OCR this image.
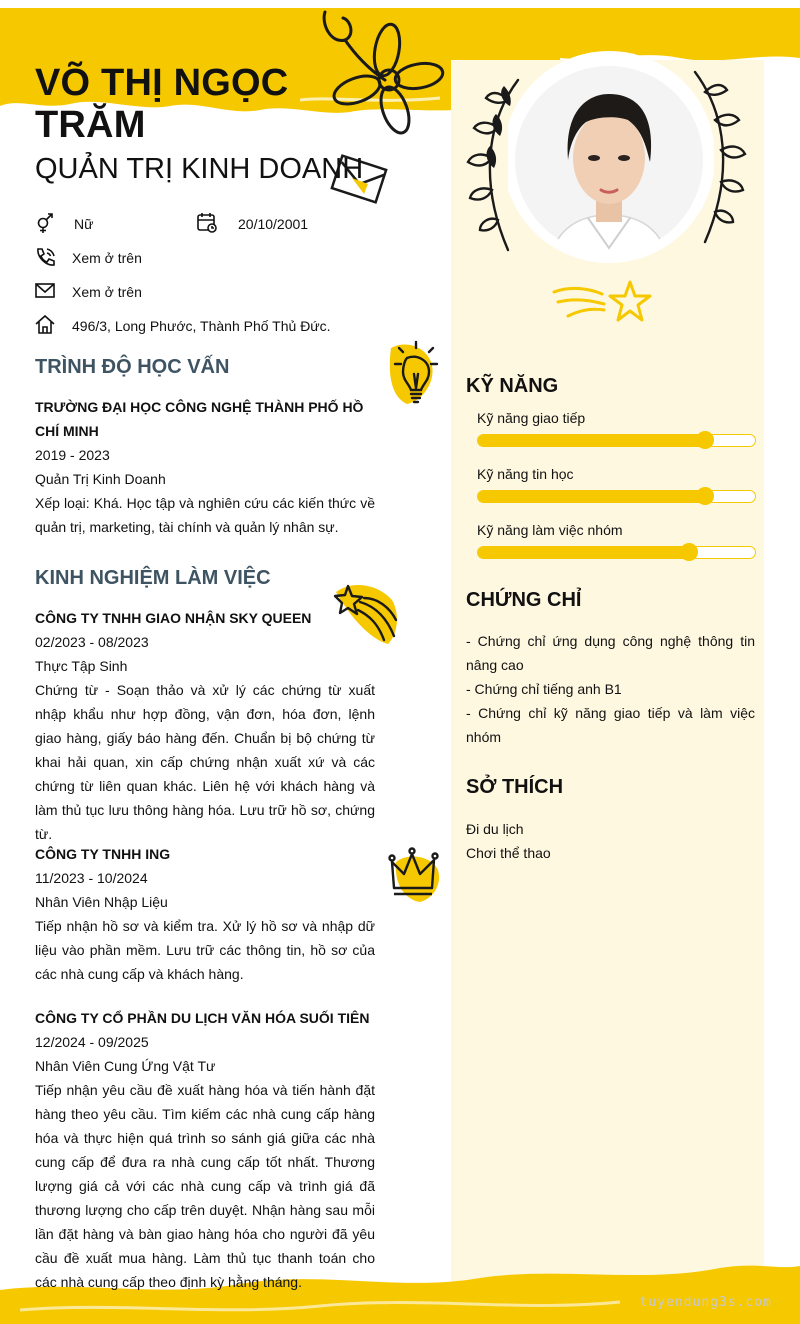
VÕ THỊ NGỌC TRĂM
QUẢN TRỊ KINH DOANH
Nữ	20/10/2001
Xem ở trên
Xem ở trên
496/3, Long Phước, Thành Phố Thủ Đức.
TRÌNH ĐỘ HỌC VẤN
TRƯỜNG ĐẠI HỌC CÔNG NGHỆ THÀNH PHỐ HỒ CHÍ MINH
2019 - 2023
Quản Trị Kinh Doanh
Xếp loại: Khá. Học tập và nghiên cứu các kiến thức về quản trị, marketing, tài chính và quản lý nhân sự.
KINH NGHIỆM LÀM VIỆC
CÔNG TY TNHH GIAO NHẬN SKY QUEEN
02/2023 - 08/2023
Thực Tập Sinh
Chứng từ - Soạn thảo và xử lý các chứng từ xuất nhập khẩu như hợp đồng, vận đơn, hóa đơn, lệnh giao hàng, giấy báo hàng đến. Chuẩn bị bộ chứng từ khai hải quan, xin cấp chứng nhận xuất xứ và các chứng từ liên quan khác. Liên hệ với khách hàng và làm thủ tục lưu thông hàng hóa. Lưu trữ hồ sơ, chứng từ.
CÔNG TY TNHH ING
11/2023 - 10/2024
Nhân Viên Nhập Liệu
Tiếp nhận hồ sơ và kiểm tra. Xử lý hồ sơ và nhập dữ liệu vào phần mềm. Lưu trữ các thông tin, hồ sơ của các nhà cung cấp và khách hàng.
CÔNG TY CỔ PHẦN DU LỊCH VĂN HÓA SUỐI TIÊN
12/2024 - 09/2025
Nhân Viên Cung Ứng Vật Tư
Tiếp nhận yêu cầu đề xuất hàng hóa và tiến hành đặt hàng theo yêu cầu. Tìm kiếm các nhà cung cấp hàng hóa và thực hiện quá trình so sánh giá giữa các nhà cung cấp để đưa ra nhà cung cấp tốt nhất. Thương lượng giá cả với các nhà cung cấp và trình giá đã thương lượng cho cấp trên duyệt. Nhận hàng sau mỗi lần đặt hàng và bàn giao hàng hóa cho người đã yêu cầu đề xuất mua hàng. Làm thủ tục thanh toán cho các nhà cung cấp theo định kỳ hằng tháng.
KỸ NĂNG
Kỹ năng giao tiếp
Kỹ năng tin học
Kỹ năng làm việc nhóm
CHỨNG CHỈ
- Chứng chỉ ứng dụng công nghệ thông tin nâng cao
- Chứng chỉ tiếng anh B1
- Chứng chỉ kỹ năng giao tiếp và làm việc nhóm
SỞ THÍCH
Đi du lịch
Chơi thể thao
tuyendung3s.com
